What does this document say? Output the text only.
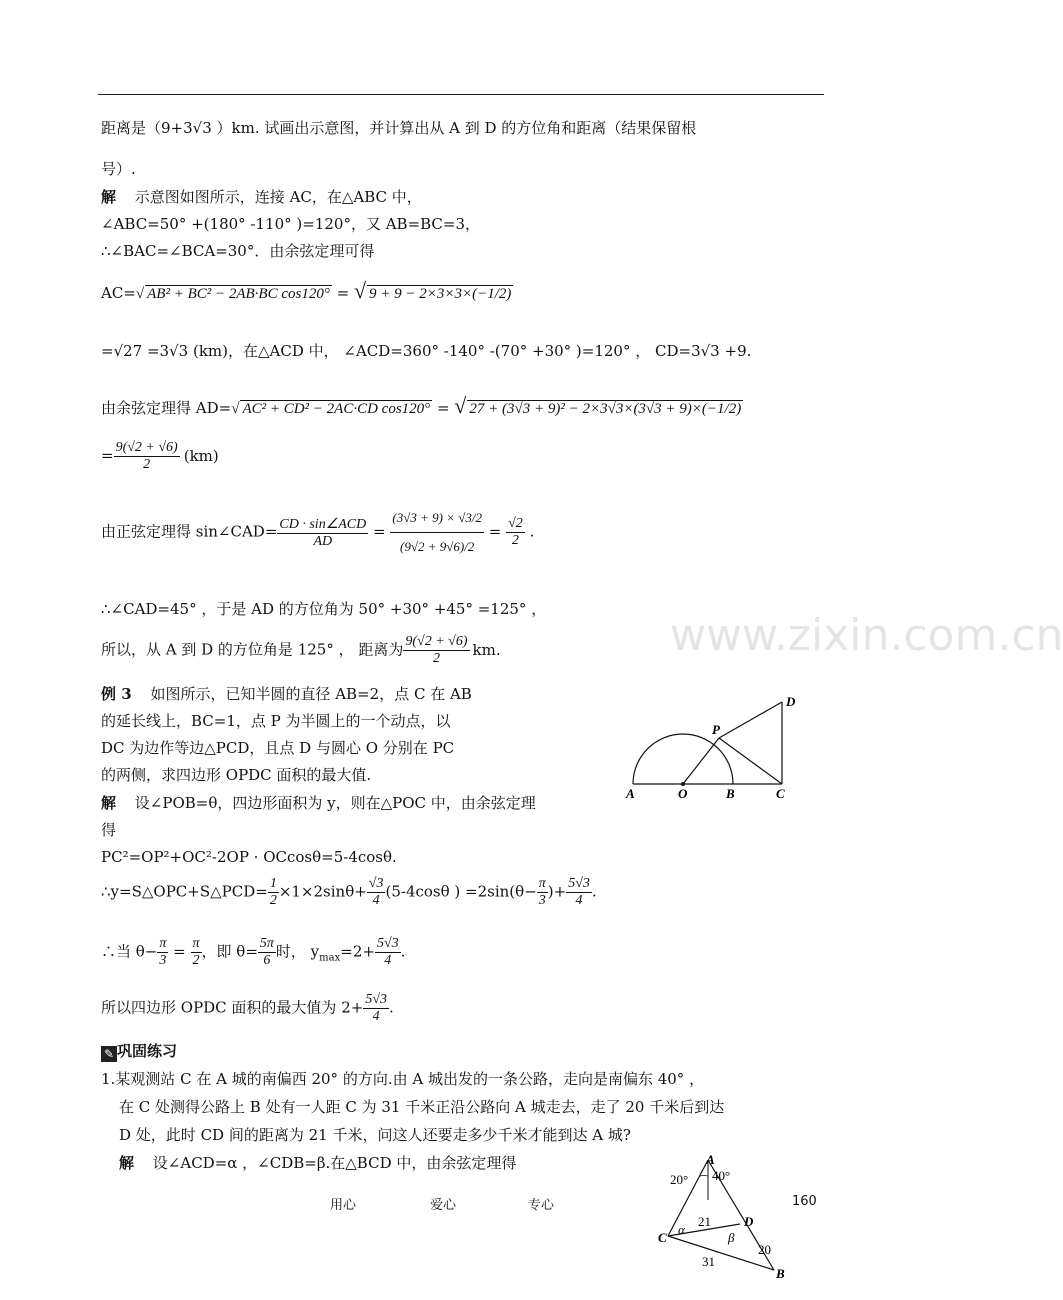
www.zixin.com.cn
距离是（9+3√3 ）km. 试画出示意图，并计算出从 A 到 D 的方位角和距离（结果保留根
号）.
解 示意图如图所示，连接 AC，在△ABC 中，
∠ABC=50° +(180° -110° )=120°，又 AB=BC=3，
∴∠BAC=∠BCA=30°．由余弦定理可得
AC= √ AB² + BC² − 2AB·BC cos120° = √ 9 + 9 − 2×3×3×(−1/2)
=√27 =3√3 (km)，在△ACD 中， ∠ACD=360° -140° -(70° +30° )=120° ， CD=3√3 +9.
由余弦定理得 AD= √ AC² + CD² − 2AC·CD cos120° = √ 27 + (3√3 + 9)² − 2×3√3×(3√3 + 9)×(−1/2)
= $\frac{9(√2 + √6)}{2} (km)$
由正弦定理得 sin∠CAD= $\frac{\text{CD · sin∠ACD}}{AD} = \frac{(3√3 + 9) \times √3/2}{(9√2 + 9√6)/2} = \frac{√2}{2}$ .
∴∠CAD=45° ，于是 AD 的方位角为 50° +30° +45° =125° ，
所以，从 A 到 D 的方位角是 125° ， 距离为 $\frac{9(√2 + √6)}{2}$ km.
例 3 如图所示，已知半圆的直径 AB=2，点 C 在 AB
的延长线上，BC=1，点 P 为半圆上的一个动点，以
DC 为边作等边△PCD，且点 D 与圆心 O 分别在 PC
的两侧，求四边形 OPDC 面积的最大值.
解 设∠POB=θ，四边形面积为 y，则在△POC 中，由余弦定理
得
PC²=OP²+OC²-2OP · OCcosθ=5-4cosθ.
∴y=S△OPC+S△PCD= $\frac{1}{2} \times 1\times 2\sin\theta+ \frac{√3}{4} (5-4\cos\theta$ ) $=2\sin(\theta- \frac{\pi}{3}$ )+ $\frac{5√3}{4}$ .
∴当 $\theta- \frac{\pi}{3} = \frac{\pi}{2}$ ，即 $\theta= \frac{5\pi}{6}$ 时， $y_{max}=2+ \frac{5√3}{4}$ .
所以四边形 OPDC 面积的最大值为 $2+ \frac{5√3}{4}$ .
✎ 巩固练习
1.某观测站 C 在 A 城的南偏西 20° 的方向.由 A 城出发的一条公路，走向是南偏东 40° ，
在 C 处测得公路上 B 处有一人距 C 为 31 千米正沿公路向 A 城走去，走了 20 千米后到达
D 处，此时 CD 间的距离为 21 千米，问这人还要走多少千米才能到达 A 城?
解 设∠ACD=α ，∠CDB=β.在△BCD 中，由余弦定理得
用心	爱心	专心	160
A	O	B	C
P
D
A
20° 40°
C
D
B
α
β
21
20
31
